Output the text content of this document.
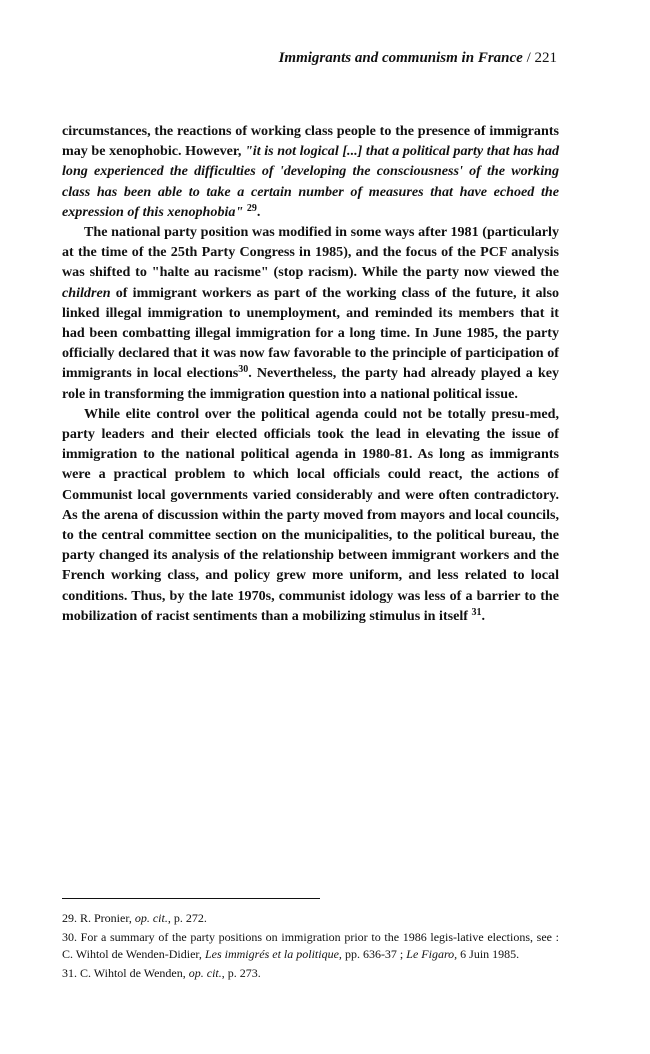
Immigrants and communism in France / 221

circumstances, the reactions of working class people to the presence of immigrants may be xenophobic. However, "it is not logical [...] that a political party that has had long experienced the difficulties of 'developing the consciousness' of the working class has been able to take a certain number of measures that have echoed the expression of this xenophobia" $^{29}$.

The national party position was modified in some ways after 1981 (particularly at the time of the 25th Party Congress in 1985), and the focus of the PCF analysis was shifted to "halte au racisme" (stop racism). While the party now viewed the children of immigrant workers as part of the working class of the future, it also linked illegal immigration to unemployment, and reminded its members that it had been combatting illegal immigration for a long time. In June 1985, the party officially declared that it was now faw favorable to the principle of participation of immigrants in local elections$^{30}$. Nevertheless, the party had already played a key role in transforming the immigration question into a national political issue.

While elite control over the political agenda could not be totally presu-med, party leaders and their elected officials took the lead in elevating the issue of immigration to the national political agenda in 1980-81. As long as immigrants were a practical problem to which local officials could react, the actions of Communist local governments varied considerably and were often contradictory. As the arena of discussion within the party moved from mayors and local councils, to the central committee section on the municipalities, to the political bureau, the party changed its analysis of the relationship between immigrant workers and the French working class, and policy grew more uniform, and less related to local conditions. Thus, by the late 1970s, communist idology was less of a barrier to the mobilization of racist sentiments than a mobilizing stimulus in itself $^{31}$.

29. R. Pronier, op. cit., p. 272.

30. For a summary of the party positions on immigration prior to the 1986 legis-lative elections, see : C. Wihtol de Wenden-Didier, Les immigrés et la politique, pp. 636-37 ; Le Figaro, 6 Juin 1985.

31. C. Wihtol de Wenden, op. cit., p. 273.
